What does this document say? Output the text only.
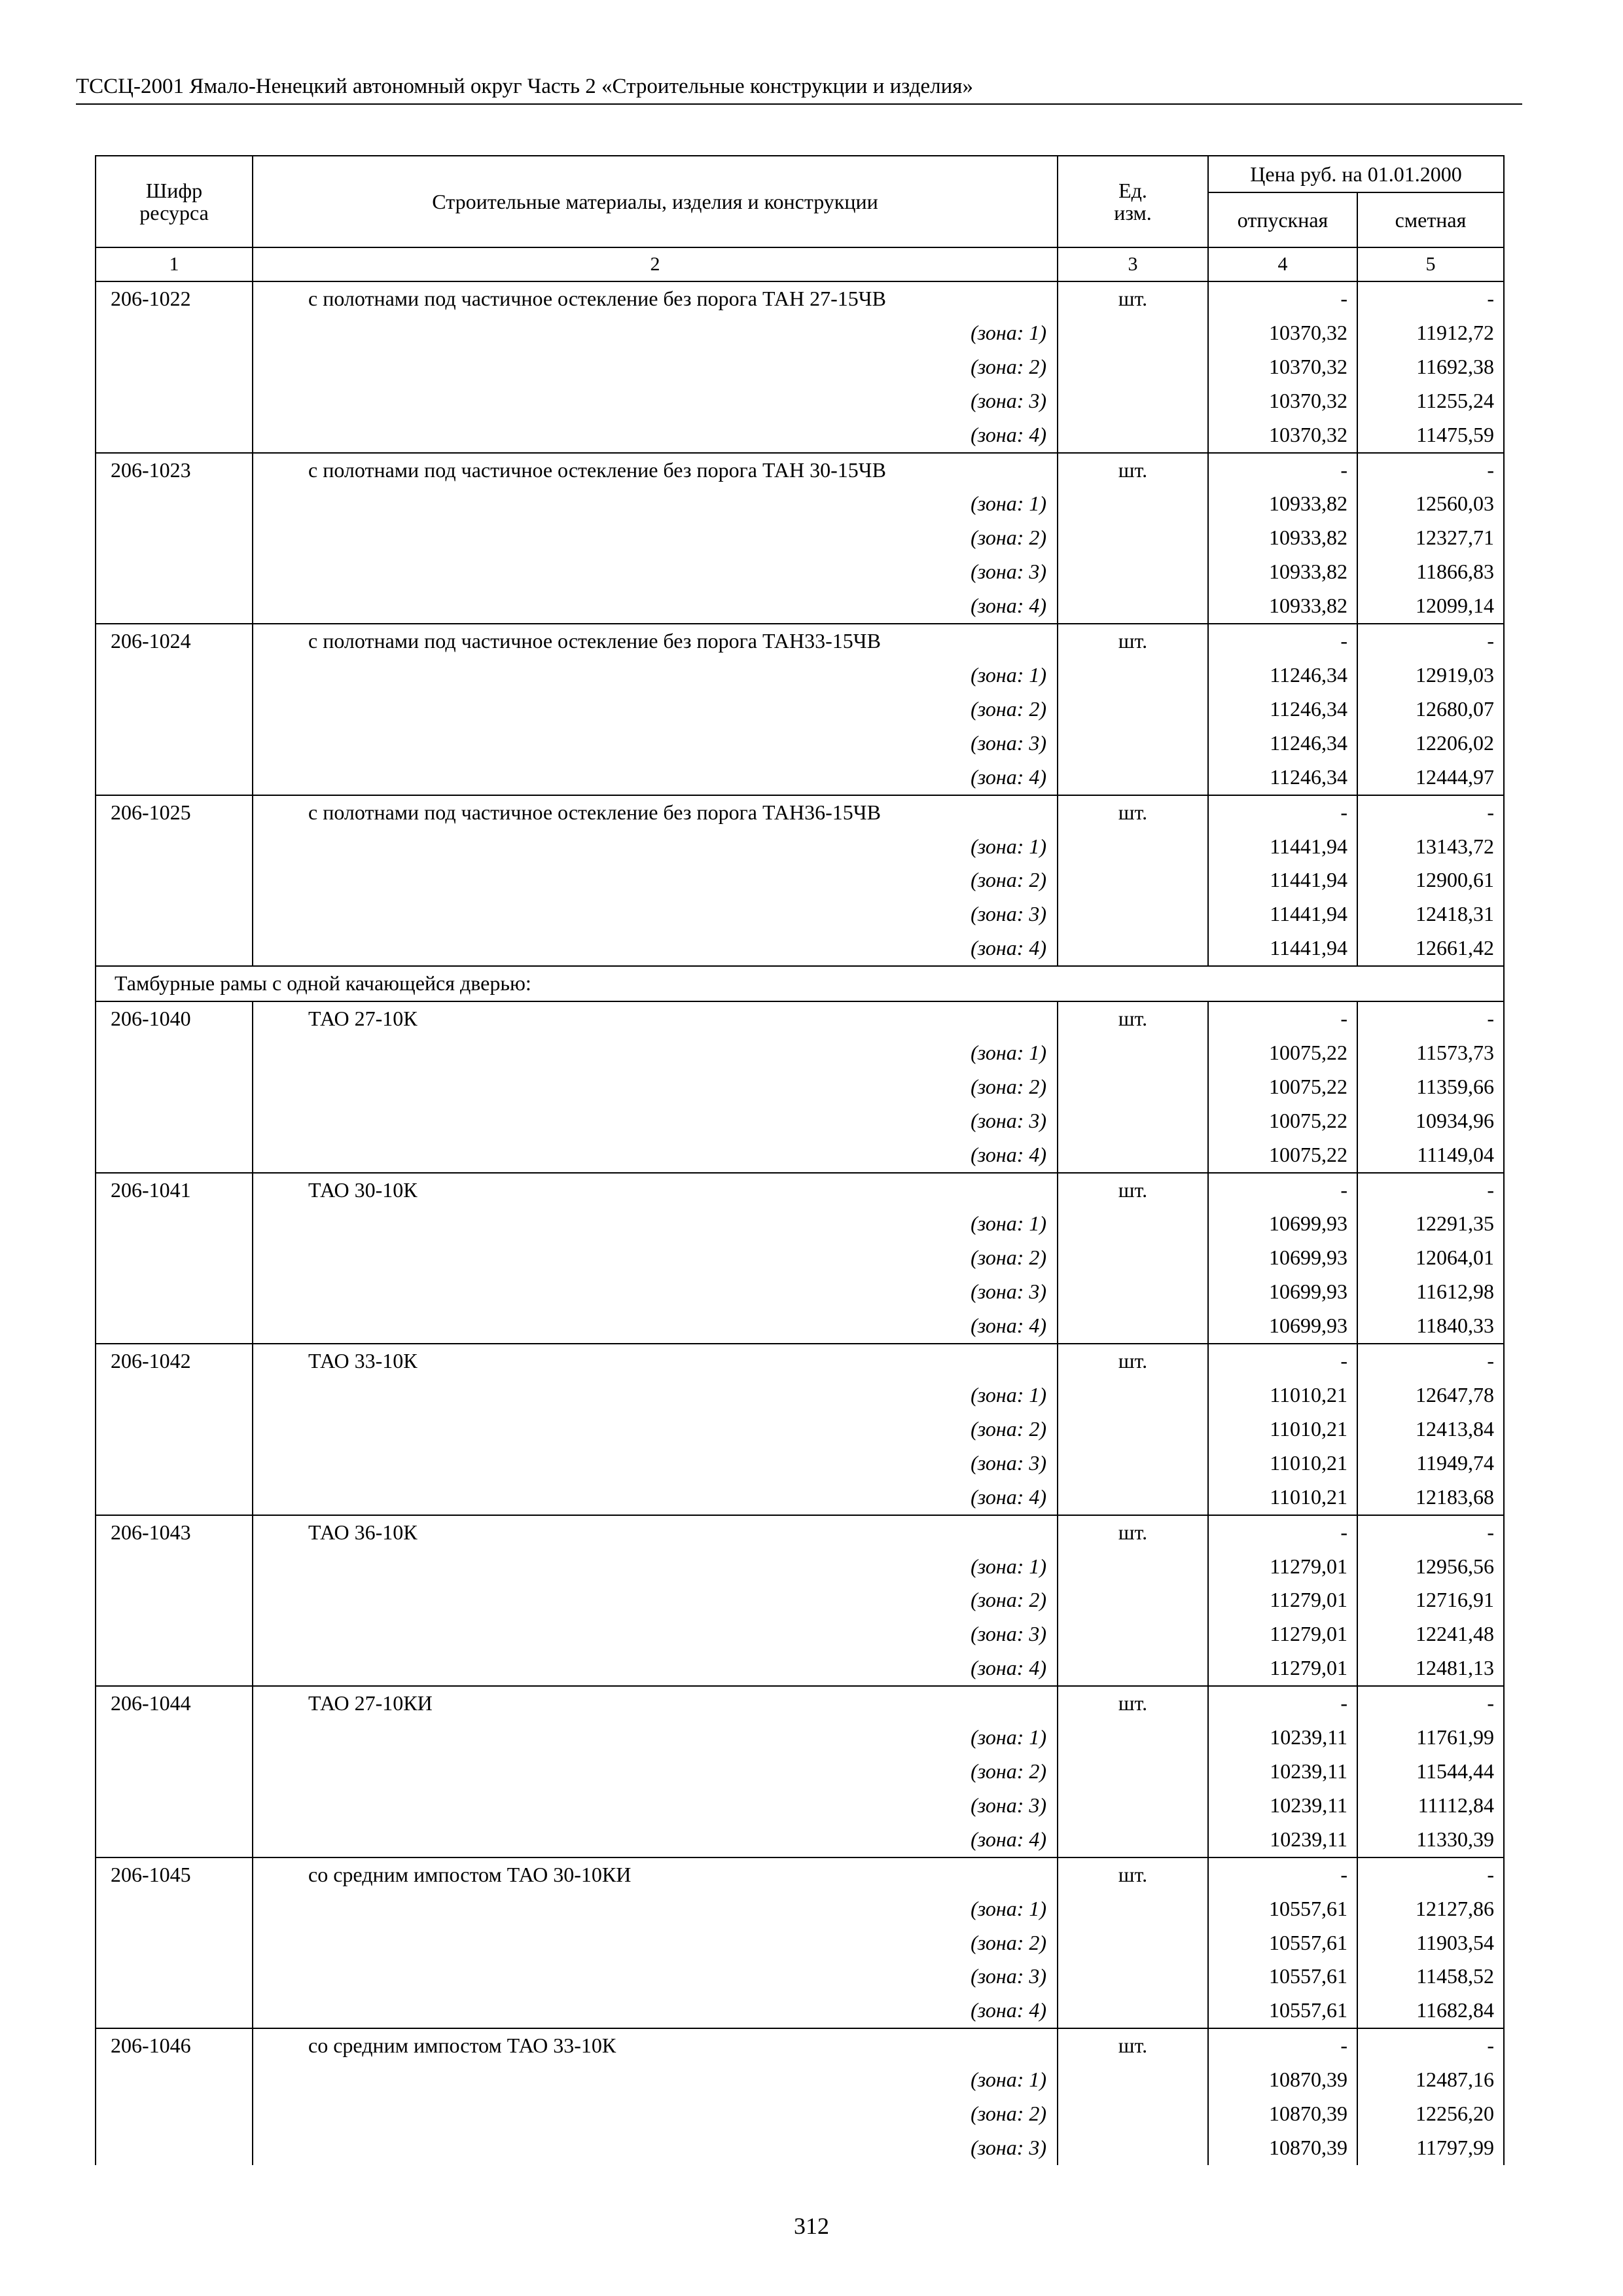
ТССЦ-2001 Ямало-Ненецкий автономный округ Часть 2 «Строительные конструкции и изделия»
Шифр ресурса	Строительные материалы, изделия и конструкции	Ед. изм.	Цена руб. на 01.01.2000	
			отпускная	сметная
1	2	3	4	5
206-1022	с полотнами под частичное остекление без порога ТАН 27-15ЧВ	шт.	-	-
	(зона: 1)		10370,32	11912,72
	(зона: 2)		10370,32	11692,38
	(зона: 3)		10370,32	11255,24
	(зона: 4)		10370,32	11475,59
206-1023	с полотнами под частичное остекление без порога ТАН 30-15ЧВ	шт.	-	-
	(зона: 1)		10933,82	12560,03
	(зона: 2)		10933,82	12327,71
	(зона: 3)		10933,82	11866,83
	(зона: 4)		10933,82	12099,14
206-1024	с полотнами под частичное остекление без порога ТАН33-15ЧВ	шт.	-	-
	(зона: 1)		11246,34	12919,03
	(зона: 2)		11246,34	12680,07
	(зона: 3)		11246,34	12206,02
	(зона: 4)		11246,34	12444,97
206-1025	с полотнами под частичное остекление без порога ТАН36-15ЧВ	шт.	-	-
	(зона: 1)		11441,94	13143,72
	(зона: 2)		11441,94	12900,61
	(зона: 3)		11441,94	12418,31
	(зона: 4)		11441,94	12661,42
Тамбурные рамы с одной качающейся дверью:				
206-1040	ТАО 27-10К	шт.	-	-
	(зона: 1)		10075,22	11573,73
	(зона: 2)		10075,22	11359,66
	(зона: 3)		10075,22	10934,96
	(зона: 4)		10075,22	11149,04
206-1041	ТАО 30-10К	шт.	-	-
	(зона: 1)		10699,93	12291,35
	(зона: 2)		10699,93	12064,01
	(зона: 3)		10699,93	11612,98
	(зона: 4)		10699,93	11840,33
206-1042	ТАО 33-10К	шт.	-	-
	(зона: 1)		11010,21	12647,78
	(зона: 2)		11010,21	12413,84
	(зона: 3)		11010,21	11949,74
	(зона: 4)		11010,21	12183,68
206-1043	ТАО 36-10К	шт.	-	-
	(зона: 1)		11279,01	12956,56
	(зона: 2)		11279,01	12716,91
	(зона: 3)		11279,01	12241,48
	(зона: 4)		11279,01	12481,13
206-1044	ТАО 27-10КИ	шт.	-	-
	(зона: 1)		10239,11	11761,99
	(зона: 2)		10239,11	11544,44
	(зона: 3)		10239,11	11112,84
	(зона: 4)		10239,11	11330,39
206-1045	со средним импостом ТАО 30-10КИ	шт.	-	-
	(зона: 1)		10557,61	12127,86
	(зона: 2)		10557,61	11903,54
	(зона: 3)		10557,61	11458,52
	(зона: 4)		10557,61	11682,84
206-1046	со средним импостом ТАО 33-10К	шт.	-	-
	(зона: 1)		10870,39	12487,16
	(зона: 2)		10870,39	12256,20
	(зона: 3)		10870,39	11797,99
312
